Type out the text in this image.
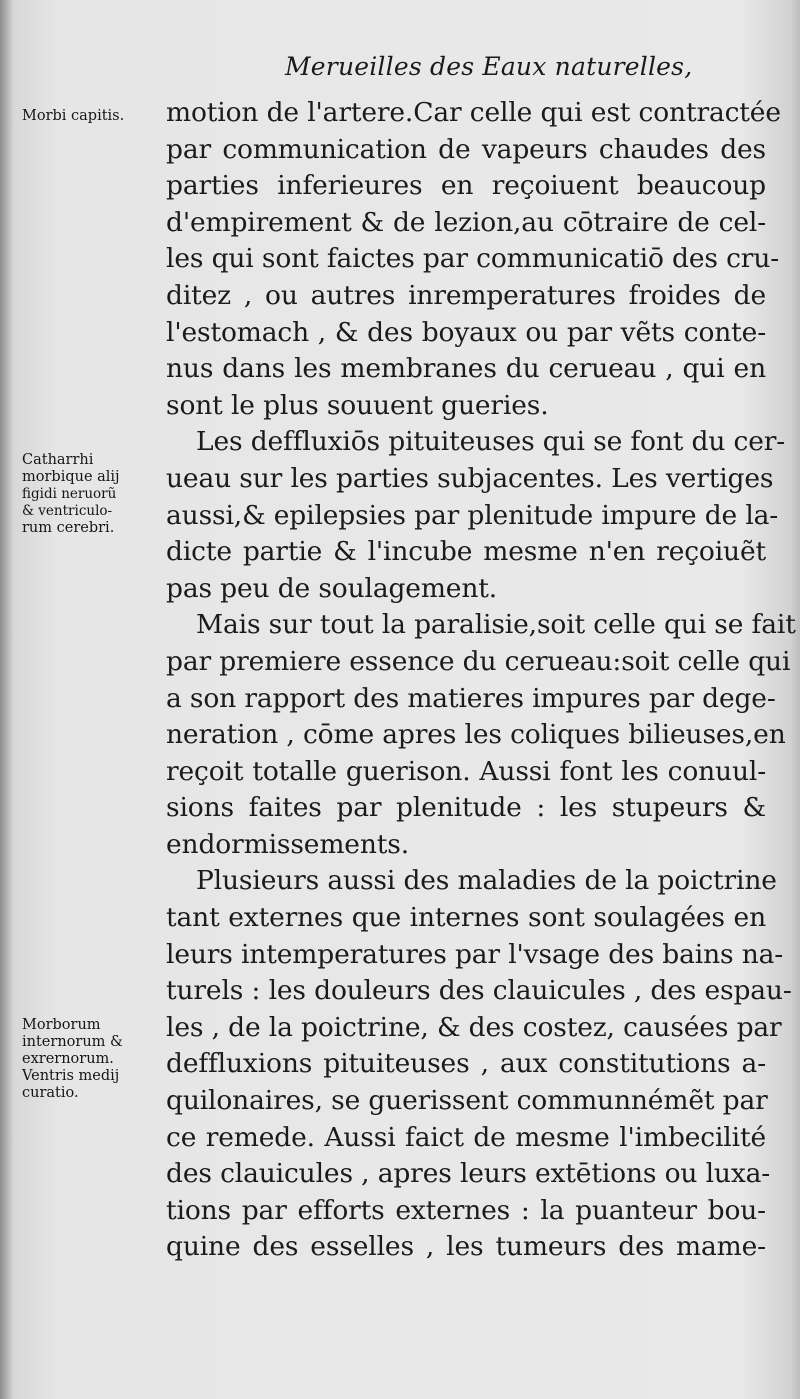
Merueilles des Eaux naturelles,
Morbi capitis.
Catharrhi
morbique alij
figidi neruorũ
& ventriculo-
rum cerebri.
Morborum
internorum &
exrernorum.
Ventris medij
curatio.
motion de l'artere.Car celle qui est contractée
par communication de vapeurs chaudes des
parties inferieures en reçoiuent beaucoup
d'empirement & de lezion,au cōtraire de cel-
les qui sont faictes par communicatiō des cru-
ditez , ou autres inremperatures froides de
l'estomach , & des boyaux ou par vẽts conte-
nus dans les membranes du cerueau , qui en
sont le plus souuent gueries.
Les deffluxiōs pituiteuses qui se font du cer-
ueau sur les parties subjacentes. Les vertiges
aussi,& epilepsies par plenitude impure de la-
dicte partie & l'incube mesme n'en reçoiuẽt
pas peu de soulagement.
Mais sur tout la paralisie,soit celle qui se fait
par premiere essence du cerueau:soit celle qui
a son rapport des matieres impures par dege-
neration , cōme apres les coliques bilieuses,en
reçoit totalle guerison. Aussi font les conuul-
sions faites par plenitude : les stupeurs &
endormissements.
Plusieurs aussi des maladies de la poictrine
tant externes que internes sont soulagées en
leurs intemperatures par l'vsage des bains na-
turels : les douleurs des clauicules , des espau-
les , de la poictrine, & des costez, causées par
deffluxions pituiteuses , aux constitutions a-
quilonaires, se guerissent communnémẽt par
ce remede. Aussi faict de mesme l'imbecilité
des clauicules , apres leurs extētions ou luxa-
tions par efforts externes : la puanteur bou-
quine des esselles , les tumeurs des mame-
